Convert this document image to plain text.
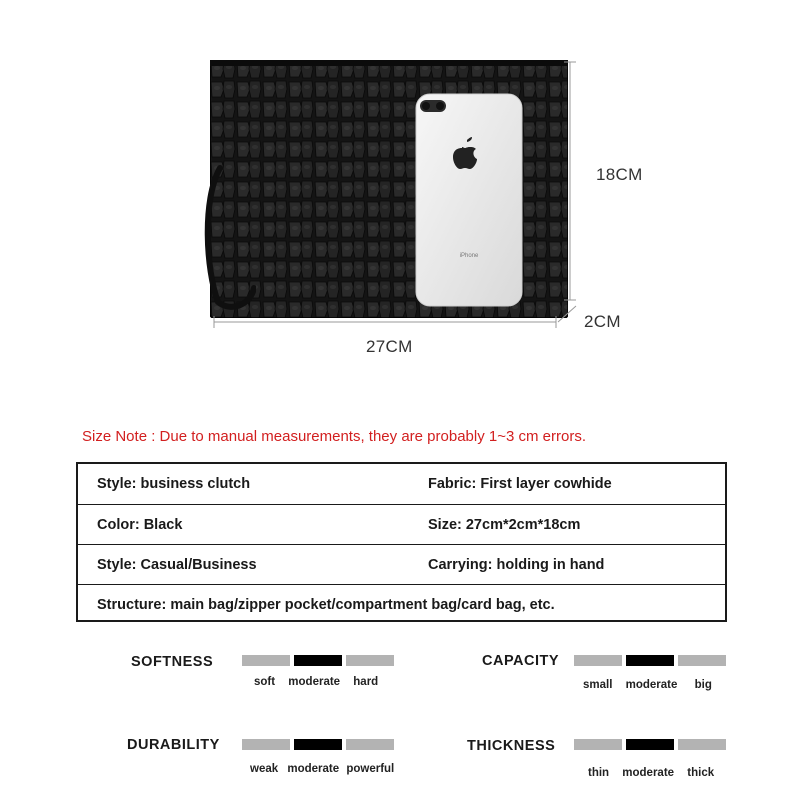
iPhone
18CM
2CM
27CM
Size Note : Due to manual measurements, they are probably 1~3 cm errors.
Style: business clutch	Fabric: First layer cowhide
Color: Black	Size: 27cm*2cm*18cm
Style: Casual/Business	Carrying: holding in hand
Structure: main bag/zipper pocket/compartment bag/card bag, etc.
SOFTNESS
soft moderate hard
CAPACITY
small moderate big
DURABILITY
weak moderate powerful
THICKNESS
thin moderate thick
